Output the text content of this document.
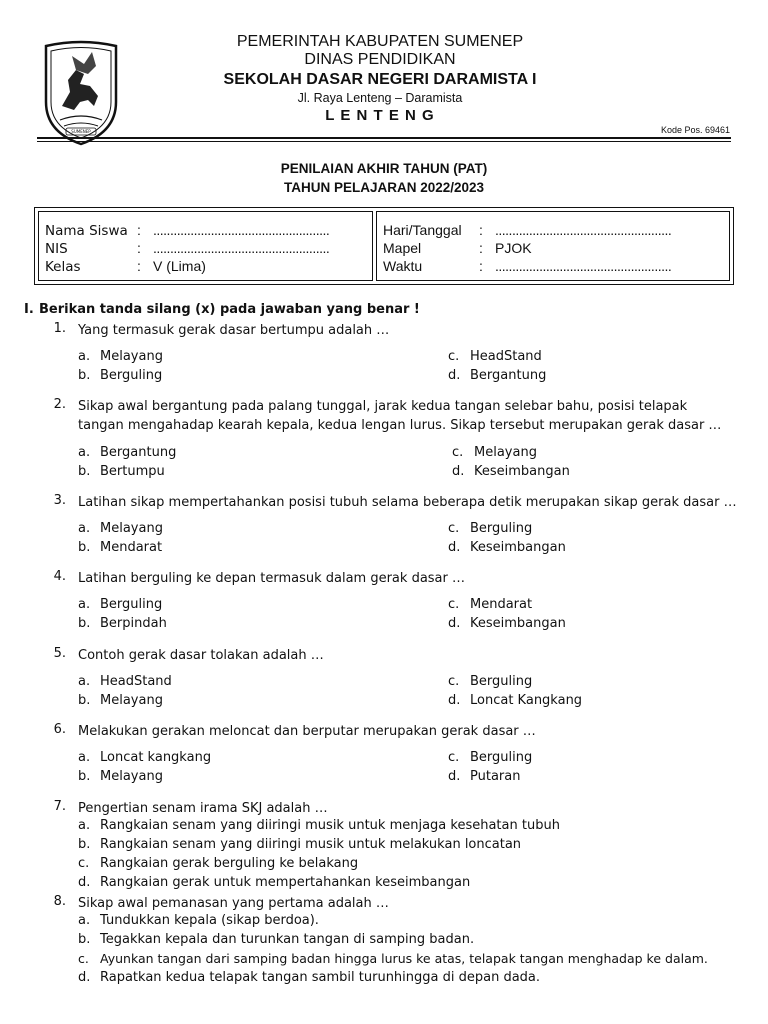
SUMENEP
PEMERINTAH KABUPATEN SUMENEP
DINAS PENDIDIKAN
SEKOLAH DASAR NEGERI DARAMISTA I
Jl. Raya Lenteng – Daramista
L E N T E N G
Kode Pos. 69461
PENILAIAN AKHIR TAHUN (PAT)
TAHUN PELAJARAN 2022/2023
Nama Siswa : ....................................................
NIS	: ....................................................
Kelas	: V (Lima)
Hari/Tanggal : ....................................................
Mapel	: PJOK
Waktu	: ....................................................
I. Berikan tanda silang (x) pada jawaban yang benar !
1. Yang termasuk gerak dasar bertumpu adalah …
a. Melayang
b. Berguling
c. HeadStand
d. Bergantung
2. Sikap awal bergantung pada palang tunggal, jarak kedua tangan selebar bahu, posisi telapak tangan mengahadap kearah kepala, kedua lengan lurus. Sikap tersebut merupakan gerak dasar …
a. Bergantung
b. Bertumpu
c. Melayang
d. Keseimbangan
3. Latihan sikap mempertahankan posisi tubuh selama beberapa detik merupakan sikap gerak dasar …
a. Melayang
b. Mendarat
c. Berguling
d. Keseimbangan
4. Latihan berguling ke depan termasuk dalam gerak dasar …
a. Berguling
b. Berpindah
c. Mendarat
d. Keseimbangan
5. Contoh gerak dasar tolakan adalah …
a. HeadStand
b. Melayang
c. Berguling
d. Loncat Kangkang
6. Melakukan gerakan meloncat dan berputar merupakan gerak dasar …
a. Loncat kangkang
b. Melayang
c. Berguling
d. Putaran
7. Pengertian senam irama SKJ adalah …
a. Rangkaian senam yang diiringi musik untuk menjaga kesehatan tubuh
b. Rangkaian senam yang diiringi musik untuk melakukan loncatan
c. Rangkaian gerak berguling ke belakang
d. Rangkaian gerak untuk mempertahankan keseimbangan
8. Sikap awal pemanasan yang pertama adalah …
a. Tundukkan kepala (sikap berdoa).
b. Tegakkan kepala dan turunkan tangan di samping badan.
c. Ayunkan tangan dari samping badan hingga lurus ke atas, telapak tangan menghadap ke dalam.
d. Rapatkan kedua telapak tangan sambil turunhingga di depan dada.
